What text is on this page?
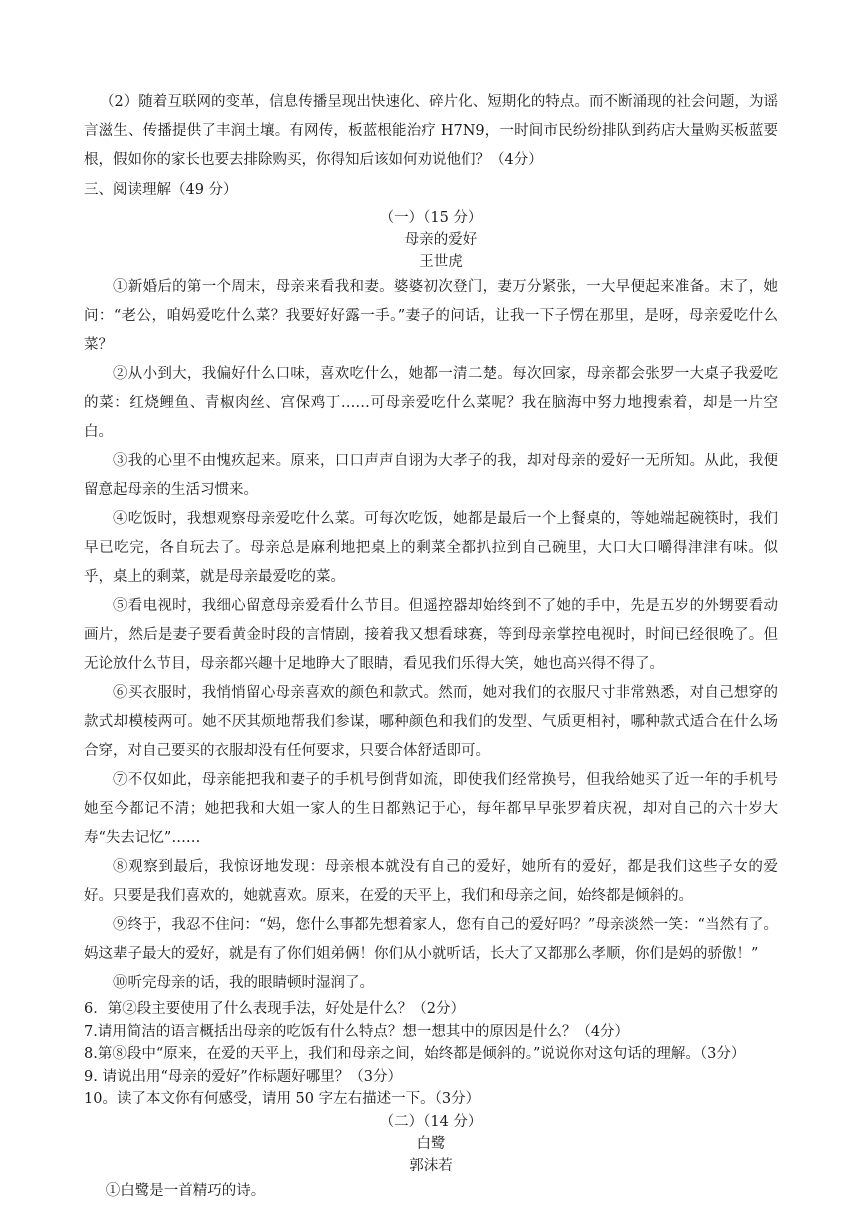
（2）随着互联网的变革，信息传播呈现出快速化、碎片化、短期化的特点。而不断涌现的社会问题，为谣言滋生、传播提供了丰润土壤。有网传，板蓝根能治疗 H7N9，一时间市民纷纷排队到药店大量购买板蓝要根，假如你的家长也要去排除购买，你得知后该如何劝说他们？（4分）

三、阅读理解（49 分）

（一）（15 分）

母亲的爱好

王世虎

①新婚后的第一个周末，母亲来看我和妻。婆婆初次登门，妻万分紧张，一大早便起来准备。末了，她问：“老公，咱妈爱吃什么菜？我要好好露一手。”妻子的问话，让我一下子愣在那里，是呀，母亲爱吃什么菜？

②从小到大，我偏好什么口味，喜欢吃什么，她都一清二楚。每次回家，母亲都会张罗一大桌子我爱吃的菜：红烧鲤鱼、青椒肉丝、宫保鸡丁……可母亲爱吃什么菜呢？我在脑海中努力地搜索着，却是一片空白。

③我的心里不由愧疚起来。原来，口口声声自诩为大孝子的我，却对母亲的爱好一无所知。从此，我便留意起母亲的生活习惯来。

④吃饭时，我想观察母亲爱吃什么菜。可每次吃饭，她都是最后一个上餐桌的，等她端起碗筷时，我们早已吃完，各自玩去了。母亲总是麻利地把桌上的剩菜全都扒拉到自己碗里，大口大口嚼得津津有味。似乎，桌上的剩菜，就是母亲最爱吃的菜。

⑤看电视时，我细心留意母亲爱看什么节目。但遥控器却始终到不了她的手中，先是五岁的外甥要看动画片，然后是妻子要看黄金时段的言情剧，接着我又想看球赛，等到母亲掌控电视时，时间已经很晚了。但无论放什么节目，母亲都兴趣十足地睁大了眼睛，看见我们乐得大笑，她也高兴得不得了。

⑥买衣服时，我悄悄留心母亲喜欢的颜色和款式。然而，她对我们的衣服尺寸非常熟悉，对自己想穿的款式却模棱两可。她不厌其烦地帮我们参谋，哪种颜色和我们的发型、气质更相衬，哪种款式适合在什么场合穿，对自己要买的衣服却没有任何要求，只要合体舒适即可。

⑦不仅如此，母亲能把我和妻子的手机号倒背如流，即使我们经常换号，但我给她买了近一年的手机号她至今都记不清；她把我和大姐一家人的生日都熟记于心，每年都早早张罗着庆祝，却对自己的六十岁大寿“失去记忆”……

⑧观察到最后，我惊讶地发现：母亲根本就没有自己的爱好，她所有的爱好，都是我们这些子女的爱好。只要是我们喜欢的，她就喜欢。原来，在爱的天平上，我们和母亲之间，始终都是倾斜的。

⑨终于，我忍不住问：“妈，您什么事都先想着家人，您有自己的爱好吗？”母亲淡然一笑：“当然有了。妈这辈子最大的爱好，就是有了你们姐弟俩！你们从小就听话，长大了又都那么孝顺，你们是妈的骄傲！”

⑩听完母亲的话，我的眼睛顿时湿润了。

6．第②段主要使用了什么表现手法，好处是什么？（2分）

7.请用简洁的语言概括出母亲的吃饭有什么特点？想一想其中的原因是什么？（4分）

8.第⑧段中“原来，在爱的天平上，我们和母亲之间，始终都是倾斜的。”说说你对这句话的理解。（3分）

9. 请说出用“母亲的爱好”作标题好哪里？（3分）

10。读了本文你有何感受，请用 50 字左右描述一下。（3分）

（二）（14 分）

白鹭

郭沫若

①白鹭是一首精巧的诗。
